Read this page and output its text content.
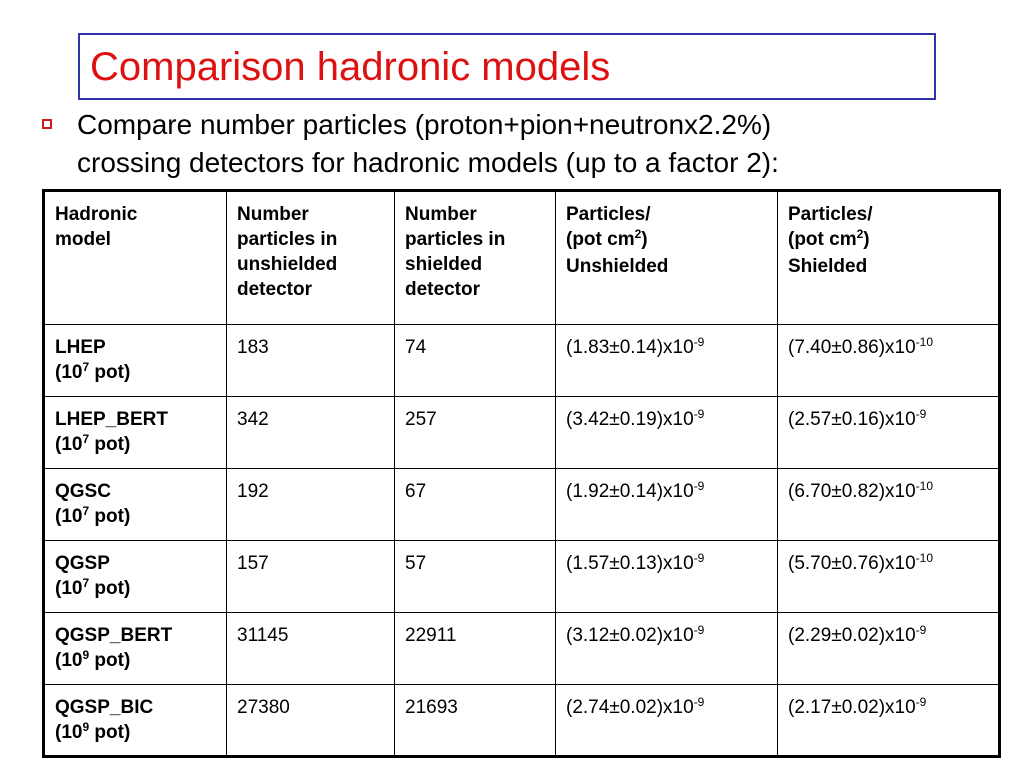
Comparison hadronic models
Compare number particles (proton+pion+neutronx2.2%)
crossing detectors for hadronic models (up to a factor 2):
Hadronic
model	Number
particles in
unshielded
detector	Number
particles in
shielded
detector	Particles/
(pot $cm^2$)
Unshielded	Particles/
(pot $cm^2$)
Shielded

LHEP
($10^7$ pot)	183	74	$(1.83\pm 0.14)x10^{-9}$	$(7.40\pm 0.86)x10^{-10}$

LHEP_BERT
($10^7$ pot)	342	257	$(3.42\pm 0.19)x10^{-9}$	$(2.57\pm 0.16)x10^{-9}$

QGSC
($10^7$ pot)	192	67	$(1.92\pm 0.14)x10^{-9}$	$(6.70\pm 0.82)x10^{-10}$

QGSP
($10^7$ pot)	157	57	$(1.57\pm 0.13)x10^{-9}$	$(5.70\pm 0.76)x10^{-10}$

QGSP_BERT
($10^9$ pot)	31145	22911	$(3.12\pm 0.02)x10^{-9}$	$(2.29\pm 0.02)x10^{-9}$

QGSP_BIC
($10^9$ pot)	27380	21693	$(2.74\pm 0.02)x10^{-9}$	$(2.17\pm 0.02)x10^{-9}$
